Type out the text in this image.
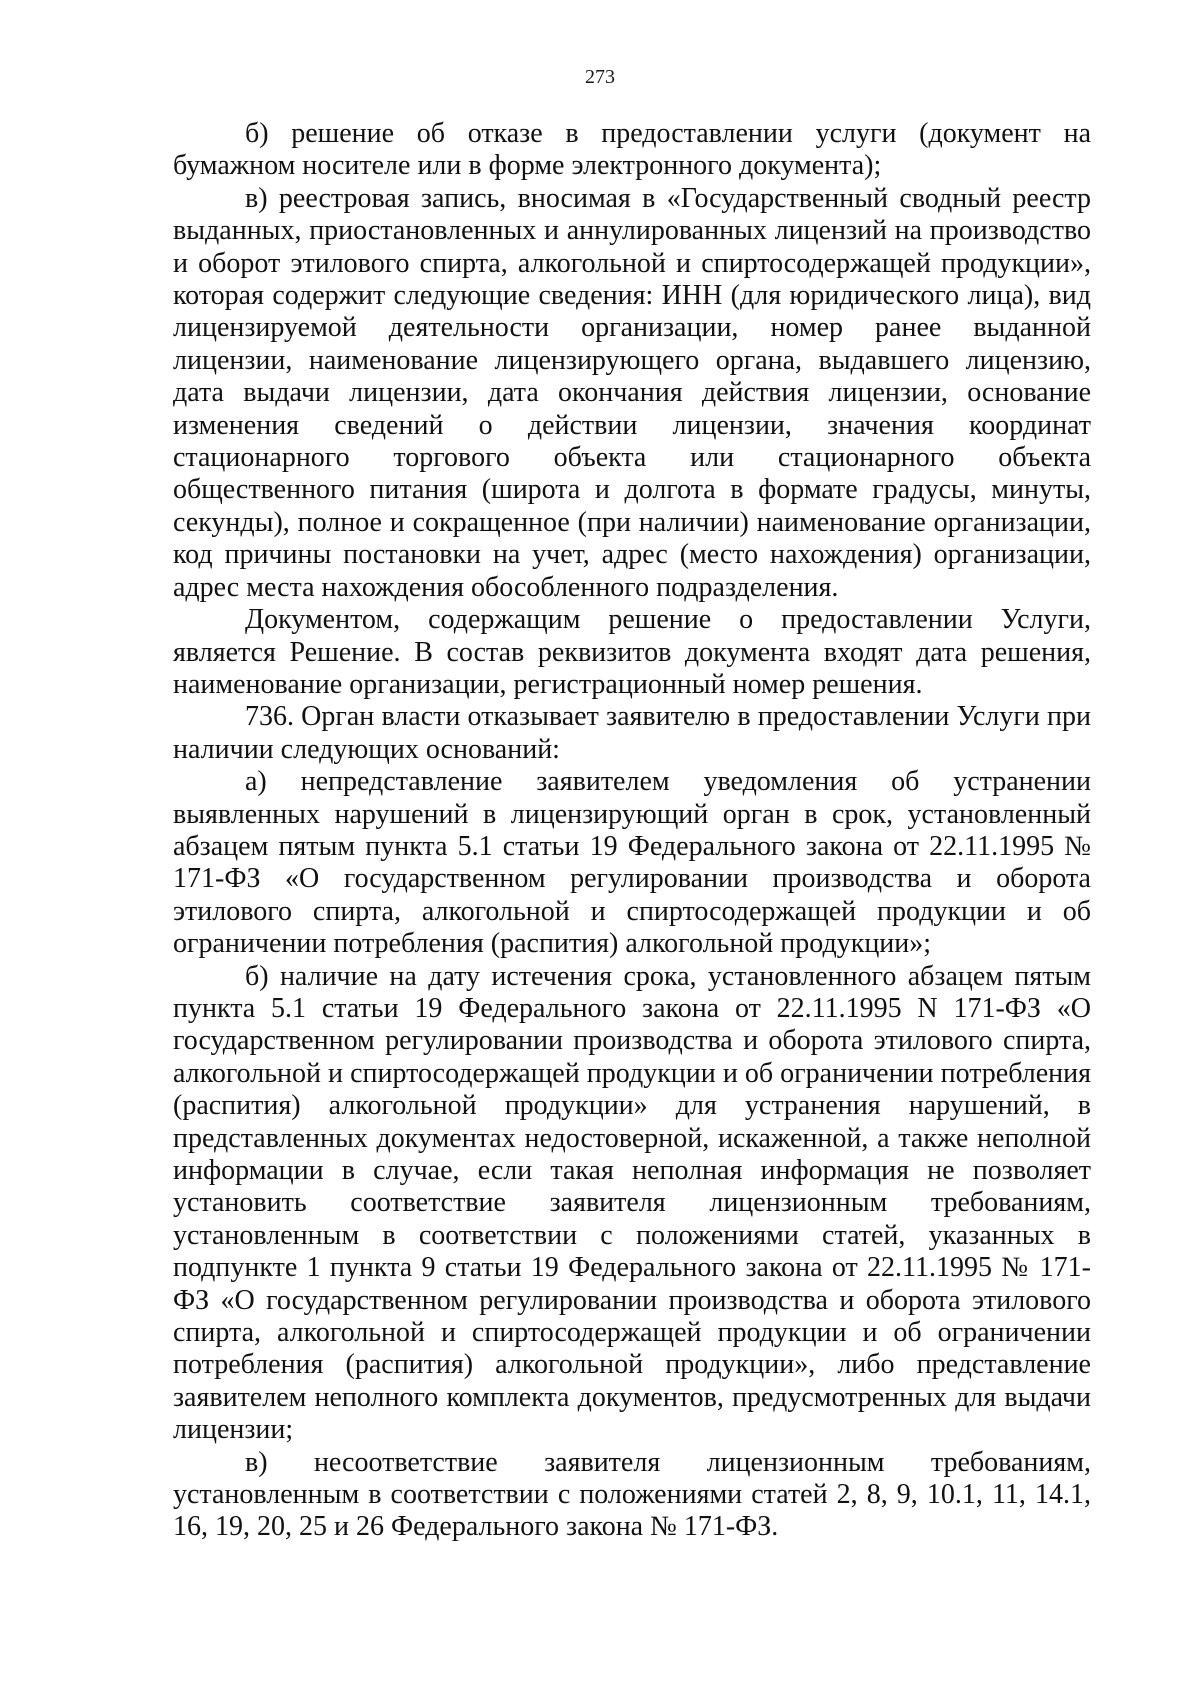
273

б) решение об отказе в предоставлении услуги (документ на бумажном носителе или в форме электронного документа);

в) реестровая запись, вносимая в «Государственный сводный реестр выданных, приостановленных и аннулированных лицензий на производство и оборот этилового спирта, алкогольной и спиртосодержащей продукции», которая содержит следующие сведения: ИНН (для юридического лица), вид лицензируемой деятельности организации, номер ранее выданной лицензии, наименование лицензирующего органа, выдавшего лицензию, дата выдачи лицензии, дата окончания действия лицензии, основание изменения сведений о действии лицензии, значения координат стационарного торгового объекта или стационарного объекта общественного питания (широта и долгота в формате градусы, минуты, секунды), полное и сокращенное (при наличии) наименование организации, код причины постановки на учет, адрес (место нахождения) организации, адрес места нахождения обособленного подразделения.

Документом, содержащим решение о предоставлении Услуги, является Решение. В состав реквизитов документа входят дата решения, наименование организации, регистрационный номер решения.

736. Орган власти отказывает заявителю в предоставлении Услуги при наличии следующих оснований:

а) непредставление заявителем уведомления об устранении выявленных нарушений в лицензирующий орган в срок, установленный абзацем пятым пункта 5.1 статьи 19 Федерального закона от 22.11.1995 № 171-ФЗ «О государственном регулировании производства и оборота этилового спирта, алкогольной и спиртосодержащей продукции и об ограничении потребления (распития) алкогольной продукции»;

б) наличие на дату истечения срока, установленного абзацем пятым пункта 5.1 статьи 19 Федерального закона от 22.11.1995 N 171-ФЗ «О государственном регулировании производства и оборота этилового спирта, алкогольной и спиртосодержащей продукции и об ограничении потребления (распития) алкогольной продукции» для устранения нарушений, в представленных документах недостоверной, искаженной, а также неполной информации в случае, если такая неполная информация не позволяет установить соответствие заявителя лицензионным требованиям, установленным в соответствии с положениями статей, указанных в подпункте 1 пункта 9 статьи 19 Федерального закона от 22.11.1995 № 171-ФЗ «О государственном регулировании производства и оборота этилового спирта, алкогольной и спиртосодержащей продукции и об ограничении потребления (распития) алкогольной продукции», либо представление заявителем неполного комплекта документов, предусмотренных для выдачи лицензии;

в) несоответствие заявителя лицензионным требованиям, установленным в соответствии с положениями статей 2, 8, 9, 10.1, 11, 14.1, 16, 19, 20, 25 и 26 Федерального закона № 171-ФЗ.
